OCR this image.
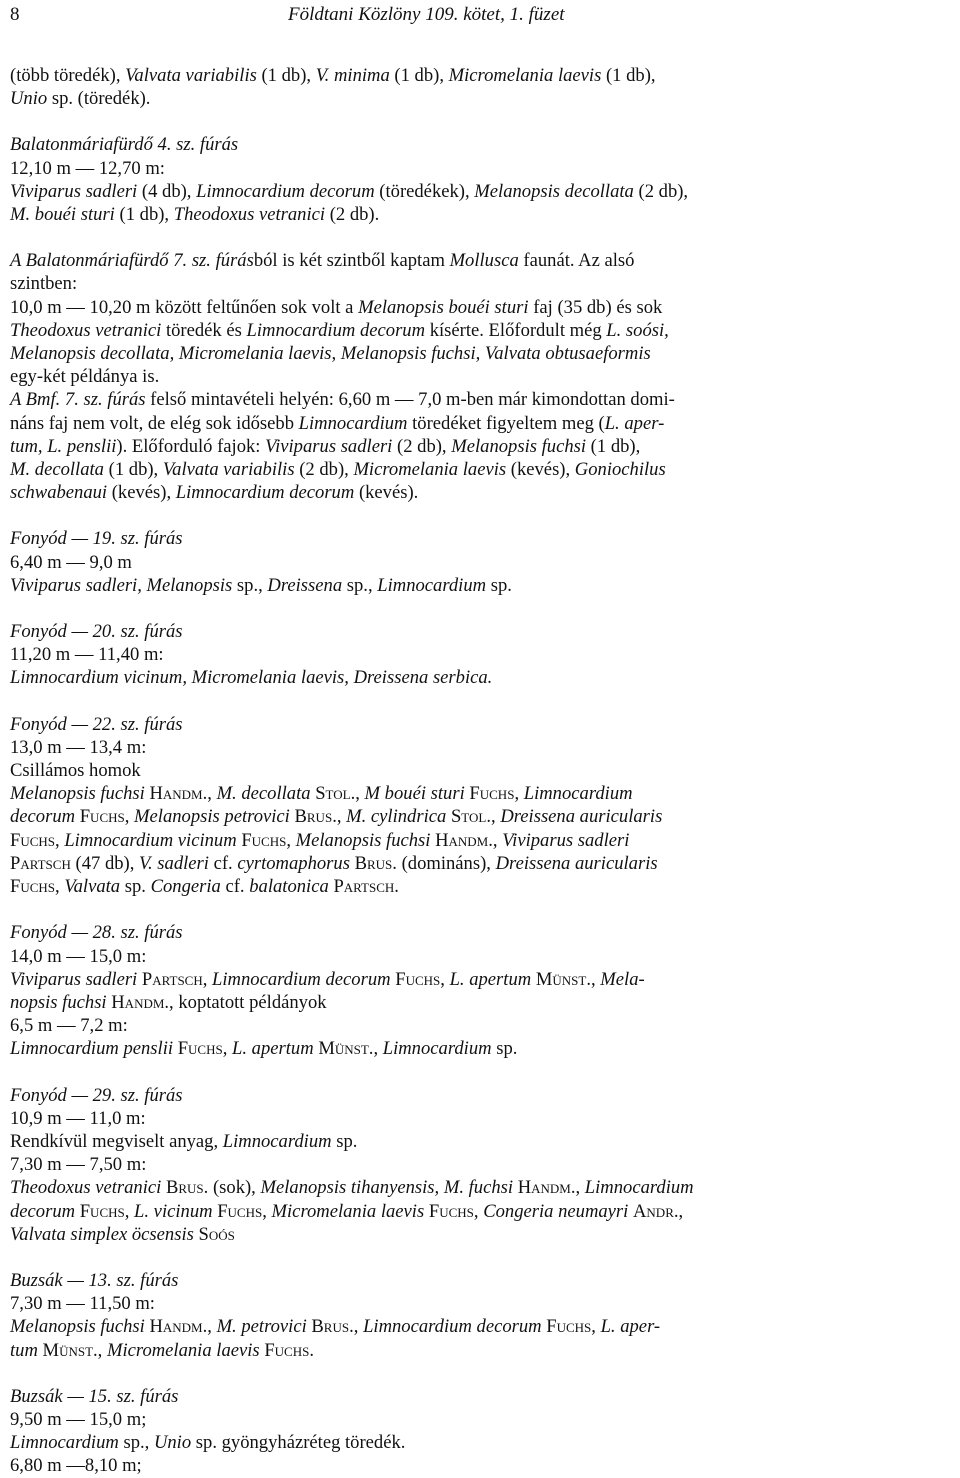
8	Földtani Közlöny 109. kötet, 1. füzet

(több töredék), Valvata variabilis (1 db), V. minima (1 db), Micromelania laevis (1 db),

Unio sp. (töredék).

Balatonmáriafürdő 4. sz. fúrás

12,10 m — 12,70 m:

Viviparus sadleri (4 db), Limnocardium decorum (töredékek), Melanopsis decollata (2 db),

M. bouéi sturi (1 db), Theodoxus vetranici (2 db).

A Balatonmáriafürdő 7. sz. fúrásból is két szintből kaptam Mollusca faunát. Az alsó

szintben:

10,0 m — 10,20 m között feltűnően sok volt a Melanopsis bouéi sturi faj (35 db) és sok

Theodoxus vetranici töredék és Limnocardium decorum kísérte. Előfordult még L. soósi,

Melanopsis decollata, Micromelania laevis, Melanopsis fuchsi, Valvata obtusaeformis

egy-két példánya is.

A Bmf. 7. sz. fúrás felső mintavételi helyén: 6,60 m — 7,0 m-ben már kimondottan domi-

náns faj nem volt, de elég sok idősebb Limnocardium töredéket figyeltem meg (L. aper-

tum, L. penslii). Előforduló fajok: Viviparus sadleri (2 db), Melanopsis fuchsi (1 db),

M. decollata (1 db), Valvata variabilis (2 db), Micromelania laevis (kevés), Goniochilus

schwabenaui (kevés), Limnocardium decorum (kevés).

Fonyód — 19. sz. fúrás

6,40 m — 9,0 m

Viviparus sadleri, Melanopsis sp., Dreissena sp., Limnocardium sp.

Fonyód — 20. sz. fúrás

11,20 m — 11,40 m:

Limnocardium vicinum, Micromelania laevis, Dreissena serbica.

Fonyód — 22. sz. fúrás

13,0 m — 13,4 m:

Csillámos homok

Melanopsis fuchsi Handm., M. decollata Stol., M bouéi sturi Fuchs, Limnocardium

decorum Fuchs, Melanopsis petrovici Brus., M. cylindrica Stol., Dreissena auricularis

Fuchs, Limnocardium vicinum Fuchs, Melanopsis fuchsi Handm., Viviparus sadleri

Partsch (47 db), V. sadleri cf. cyrtomaphorus Brus. (domináns), Dreissena auricularis

Fuchs, Valvata sp. Congeria cf. balatonica Partsch.

Fonyód — 28. sz. fúrás

14,0 m — 15,0 m:

Viviparus sadleri Partsch, Limnocardium decorum Fuchs, L. apertum Münst., Mela-

nopsis fuchsi Handm., koptatott példányok

6,5 m — 7,2 m:

Limnocardium penslii Fuchs, L. apertum Münst., Limnocardium sp.

Fonyód — 29. sz. fúrás

10,9 m — 11,0 m:

Rendkívül megviselt anyag, Limnocardium sp.

7,30 m — 7,50 m:

Theodoxus vetranici Brus. (sok), Melanopsis tihanyensis, M. fuchsi Handm., Limnocardium

decorum Fuchs, L. vicinum Fuchs, Micromelania laevis Fuchs, Congeria neumayri Andr.,

Valvata simplex öcsensis Soós

Buzsák — 13. sz. fúrás

7,30 m — 11,50 m:

Melanopsis fuchsi Handm., M. petrovici Brus., Limnocardium decorum Fuchs, L. aper-

tum Münst., Micromelania laevis Fuchs.

Buzsák — 15. sz. fúrás

9,50 m — 15,0 m;

Limnocardium sp., Unio sp. gyöngyházréteg töredék.

6,80 m —8,10 m;
